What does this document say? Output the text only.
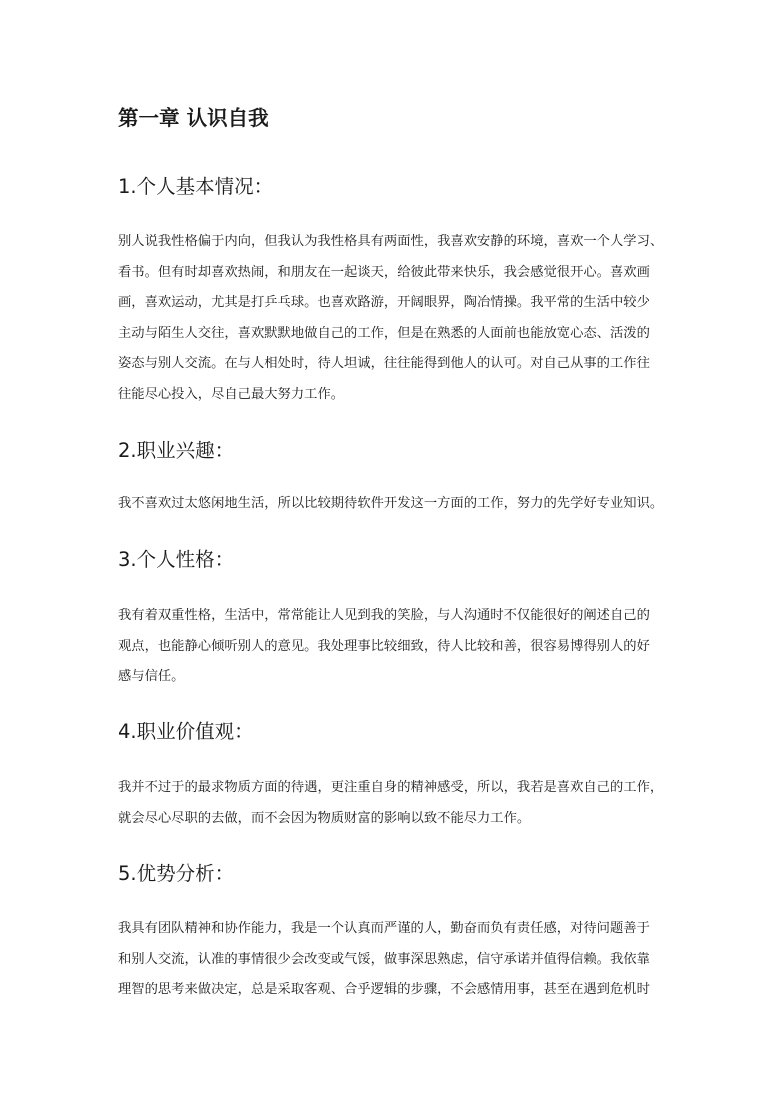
第一章 认识自我
1.个人基本情况：
别人说我性格偏于内向，但我认为我性格具有两面性，我喜欢安静的环境，喜欢一个人学习、
看书。但有时却喜欢热闹，和朋友在一起谈天，给彼此带来快乐，我会感觉很开心。喜欢画
画，喜欢运动，尤其是打乒乓球。也喜欢路游，开阔眼界，陶冶情操。我平常的生活中较少
主动与陌生人交往，喜欢默默地做自己的工作，但是在熟悉的人面前也能放宽心态、活泼的
姿态与别人交流。在与人相处时，待人坦诚，往往能得到他人的认可。对自己从事的工作往
往能尽心投入，尽自己最大努力工作。
2.职业兴趣：
我不喜欢过太悠闲地生活，所以比较期待软件开发这一方面的工作，努力的先学好专业知识。
3.个人性格：
我有着双重性格，生活中，常常能让人见到我的笑脸，与人沟通时不仅能很好的阐述自己的
观点，也能静心倾听别人的意见。我处理事比较细致，待人比较和善，很容易博得别人的好
感与信任。
4.职业价值观：
我并不过于的最求物质方面的待遇，更注重自身的精神感受，所以，我若是喜欢自己的工作，
就会尽心尽职的去做，而不会因为物质财富的影响以致不能尽力工作。
5.优势分析：
我具有团队精神和协作能力，我是一个认真而严谨的人，勤奋而负有责任感，对待问题善于
和别人交流，认准的事情很少会改变或气馁，做事深思熟虑，信守承诺并值得信赖。我依靠
理智的思考来做决定，总是采取客观、合乎逻辑的步骤，不会感情用事，甚至在遇到危机时
